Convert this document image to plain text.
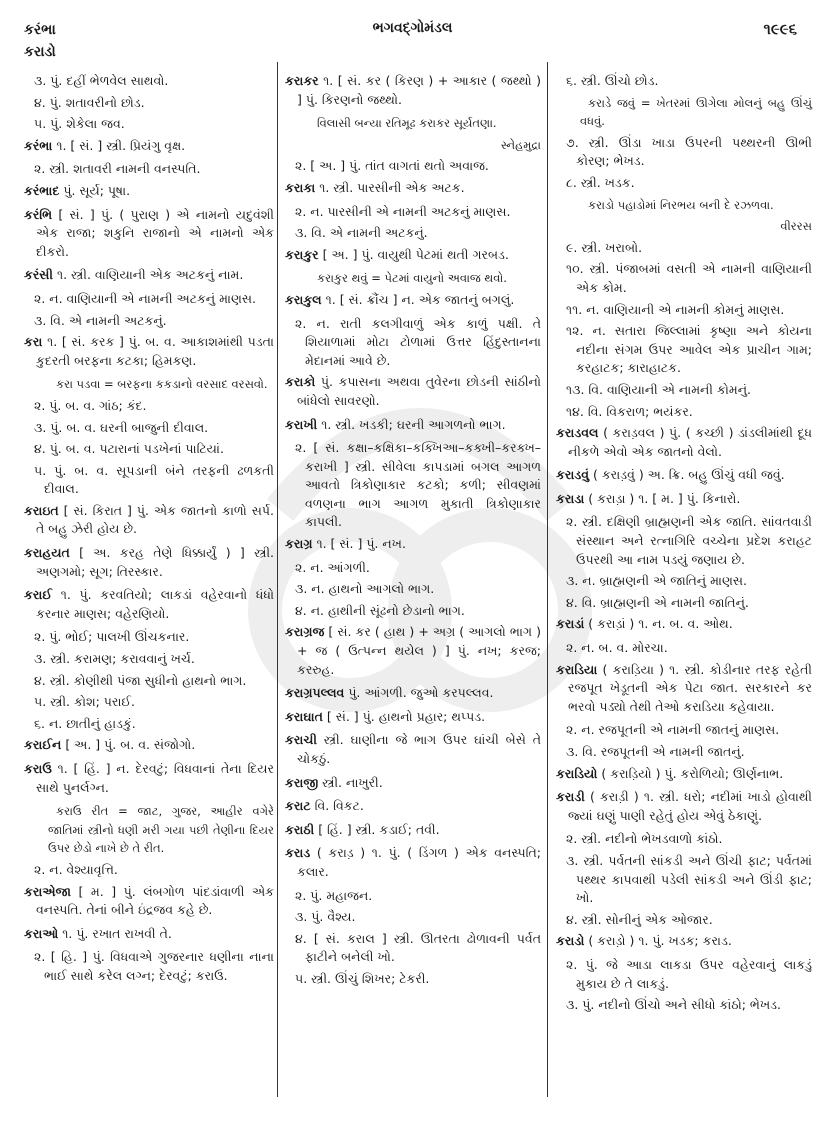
કરંભા
કરાડો
ભગવદ્ગોમંડલ	૧૯૯૬
૩. પું. દહીં ભેળવેલ સાથવો.
૪. પું. શતાવરીનો છોડ.
૫. પું. શેકેલા જવ.
કરંભા ૧. [ સં. ] સ્ત્રી. પ્રિયંગુ વૃક્ષ.
૨. સ્ત્રી. શતાવરી નામની વનસ્પતિ.
કરંભાદ પું. સૂર્ય; પૂષા.
કરંભિ [ સં. ] પું. ( પુરાણ ) એ નામનો યદુવંશી એક રાજા; શકુનિ રાજાનો એ નામનો એક દીકરો.
કરંસી ૧. સ્ત્રી. વાણિયાની એક અટકનું નામ.
૨. ન. વાણિયાની એ નામની અટકનું માણસ.
૩. વિ. એ નામની અટકનું.
કરા ૧. [ સં. કરક ] પું. બ. વ. આકાશમાંથી પડતા કુદરતી બરફના કટકા; હિમકણ.
કરા પડવા = બરફના કકડાનો વરસાદ વરસવો.
૨. પું. બ. વ. ગાંઠ; કંદ.
૩. પું. બ. વ. ઘરની બાજુની દીવાલ.
૪. પું. બ. વ. પટારાનાં પડખેનાં પાટિયાં.
૫. પું. બ. વ. સૂપડાની બંને તરફની ઢળકતી દીવાલ.
કરાઇત [ સં. કિરાત ] પું. એક જાતનો કાળો સર્પ. તે બહુ ઝેરી હોય છે.
કરાહયત [ અ. કરહ તેણે ધિક્કાર્યું ) ] સ્ત્રી. અણગમો; સૂગ; તિરસ્કાર.
કરાઈ ૧. પું. કરવતિયો; લાકડાં વહેરવાનો ધંધો કરનાર માણસ; વહેરણિયો.
૨. પું. ભોઈ; પાલખી ઊંચકનાર.
૩. સ્ત્રી. કરામણ; કરાવવાનું ખર્ચ.
૪. સ્ત્રી. કોણીથી પંજા સુધીનો હાથનો ભાગ.
૫. સ્ત્રી. કોશ; પરાઈ.
૬. ન. છાતીનું હાડકું.
કરાઈન [ અ. ] પું. બ. વ. સંજોગો.
કરાઉ ૧. [ હિં. ] ન. દેરવટું; વિધવાનાં તેના દિયર સાથે પુનર્લગ્ન.
કરાઉ રીત = જાટ, ગુજર, આહીર વગેરે જાતિમાં સ્ત્રીનો ધણી મરી ગયા પછી તેણીના દિયર ઉપર છેડો નાખે છે તે રીત.
૨. ન. વેશ્યાવૃત્તિ.
કરાએજા [ મ. ] પું. લંબગોળ પાંદડાંવાળી એક વનસ્પતિ. તેનાં બીને ઇંદ્રજવ કહે છે.
કરાઓ ૧. પું. રખાત રાખવી તે.
૨. [ હિ. ] પું. વિધવાએ ગુજરનાર ધણીના નાના ભાઈ સાથે કરેલ લગ્ન; દેરવટું; કરાઉ.
કરાકર ૧. [ સં. કર ( કિરણ ) + આકાર ( જથ્થો ) ] પું. કિરણનો જથ્થો.
વિલાસી બન્યા રતિમૂઢ કરાકર સૂર્યતણા.
સ્નેહમુદ્રા
૨. [ અ. ] પું. તાંત વાગતાં થતો અવાજ.
કરાકા ૧. સ્ત્રી. પારસીની એક અટક.
૨. ન. પારસીની એ નામની અટકનું માણસ.
૩. વિ. એ નામની અટકનું.
કરાકુર [ અ. ] પું. વાયુથી પેટમાં થતી ગરબડ.
કરાકુર થવું = પેટમાં વાયુનો અવાજ થવો.
કરાકુલ ૧. [ સં. ક્રૌંચ ] ન. એક જાતનું બગલું.
૨. ન. રાતી કલગીવાળું એક કાળું પક્ષી. તે શિયાળામાં મોટા ટોળામાં ઉત્તર હિંદુસ્તાનના મેદાનમાં આવે છે.
કરાકો પું. કપાસના અથવા તુવેરના છોડની સાંઠીનો બાંધેલો સાવરણો.
કરાખી ૧. સ્ત્રી. ખડકી; ઘરની આગળનો ભાગ.
૨. [ સં. કક્ષા–કક્ષિકા–કક્ખિઆ–કક્ખી–કરક્ખ–કરાખી ] સ્ત્રી. સીવેલા કાપડામાં બગલ આગળ આવતો ત્રિકોણાકાર કટકો; કળી; સીવણમાં વળણના ભાગ આગળ મુકાતી ત્રિકોણાકાર કાપલી.
કરાગ્ર ૧. [ સં. ] પું. નખ.
૨. ન. આંગળી.
૩. ન. હાથનો આગલો ભાગ.
૪. ન. હાથીની સૂંઢનો છેડાનો ભાગ.
કરાગ્રજ [ સં. કર ( હાથ ) + અગ્ર ( આગલો ભાગ ) + જ ( ઉત્પન્ન થયેલ ) ] પું. નખ; કરજ; કરરુહ.
કરાગ્રપલ્લવ પું. આંગળી. જુઓ કરપલ્લવ.
કરાઘાત [ સં. ] પું. હાથનો પ્રહાર; થપ્પડ.
કરાચી સ્ત્રી. ઘાણીના જે ભાગ ઉપર ઘાંચી બેસે તે ચોકઠું.
કરાજી સ્ત્રી. નાખુરી.
કરાટ વિ. વિકટ.
કરાઠી [ હિં. ] સ્ત્રી. કડાઈ; તવી.
કરાડ ( કરાડ઼ ) ૧. પું. ( ડિંગળ ) એક વનસ્પતિ; કલાર.
૨. પું. મહાજન.
૩. પું. વૈશ્ય.
૪. [ સં. કરાલ ] સ્ત્રી. ઊતરતા ઢોળાવની પર્વત ફાટીને બનેલી ખો.
૫. સ્ત્રી. ઊંચું શિખર; ટેકરી.
૬. સ્ત્રી. ઊંચો છોડ.
કરાડે જવું = ખેતરમાં ઊગેલા મોલનું બહુ ઊંચું વધવું.
૭. સ્ત્રી. ઊંડા ખાડા ઉપરની પથ્થરની ઊભી કોરણ; ભેખડ.
૮. સ્ત્રી. ખડક.
કરાડો પહાડોમાં નિરભય બની દે રઝળવા.
વીરરસ
૯. સ્ત્રી. ખરાબો.
૧૦. સ્ત્રી. પંજાબમાં વસતી એ નામની વાણિયાની એક કોમ.
૧૧. ન. વાણિયાની એ નામની કોમનું માણસ.
૧૨. ન. સતારા જિલ્લામાં કૃષ્ણા અને કોયના નદીના સંગમ ઉપર આવેલ એક પ્રાચીન ગામ; કરહાટક; કારાહાટક.
૧૩. વિ. વાણિયાની એ નામની કોમનું.
૧૪. વિ. વિકરાળ; ભયંકર.
કરાડવલ ( કરાડ઼વલ ) પું. ( કચ્છી ) ડાંડલીમાંથી દૂધ નીકળે એવો એક જાતનો વેલો.
કરાડવું ( કરાડ઼વું ) અ. ક્રિ. બહુ ઊંચું વધી જવું.
કરાડા ( કરાડ઼ા ) ૧. [ મ. ] પું. કિનારો.
૨. સ્ત્રી. દક્ષિણી બ્રાહ્મણની એક જાતિ. સાંવતવાડી સંસ્થાન અને રત્નાગિરિ વચ્ચેના પ્રદેશ કરાહટ ઉપરથી આ નામ પડયું જણાય છે.
૩. ન. બ્રાહ્મણની એ જાતિનું માણસ.
૪. વિ. બ્રાહ્મણની એ નામની જાતિનું.
કરાડાં ( કરાડ઼ાં ) ૧. ન. બ. વ. ઓથ.
૨. ન. બ. વ. મોરચા.
કરાડિયા ( કરાડ઼િયા ) ૧. સ્ત્રી. કોડીનાર તરફ રહેતી રજપૂત ખેડૂતની એક પેટા જાત. સરકારને કર ભરવો પડ્યો તેથી તેઓ કરાડિયા કહેવાયા.
૨. ન. રજપૂતની એ નામની જાતનું માણસ.
૩. વિ. રજપૂતની એ નામની જાતનું.
કરાડિયો ( કરાડ઼િયો ) પું. કરોળિયો; ઊર્ણનાભ.
કરાડી ( કરાડ઼ી ) ૧. સ્ત્રી. ધરો; નદીમાં ખાડો હોવાથી જ્યાં ઘણું પાણી રહેતું હોય એવું ઠેકાણું.
૨. સ્ત્રી. નદીનો ભેખડવાળો કાંઠો.
૩. સ્ત્રી. પર્વતની સાંકડી અને ઊંચી ફાટ; પર્વતમાં પથ્થર કાપવાથી પડેલી સાંકડી અને ઊંડી ફાટ; ખો.
૪. સ્ત્રી. સોનીનું એક ઓજાર.
કરાડો ( કરાડ઼ો ) ૧. પું. ખડક; કરાડ.
૨. પું. જે આડા લાકડા ઉપર વહેરવાનું લાકડું મુકાય છે તે લાકડું.
૩. પું. નદીનો ઊંચો અને સીધો કાંઠો; ભેખડ.
